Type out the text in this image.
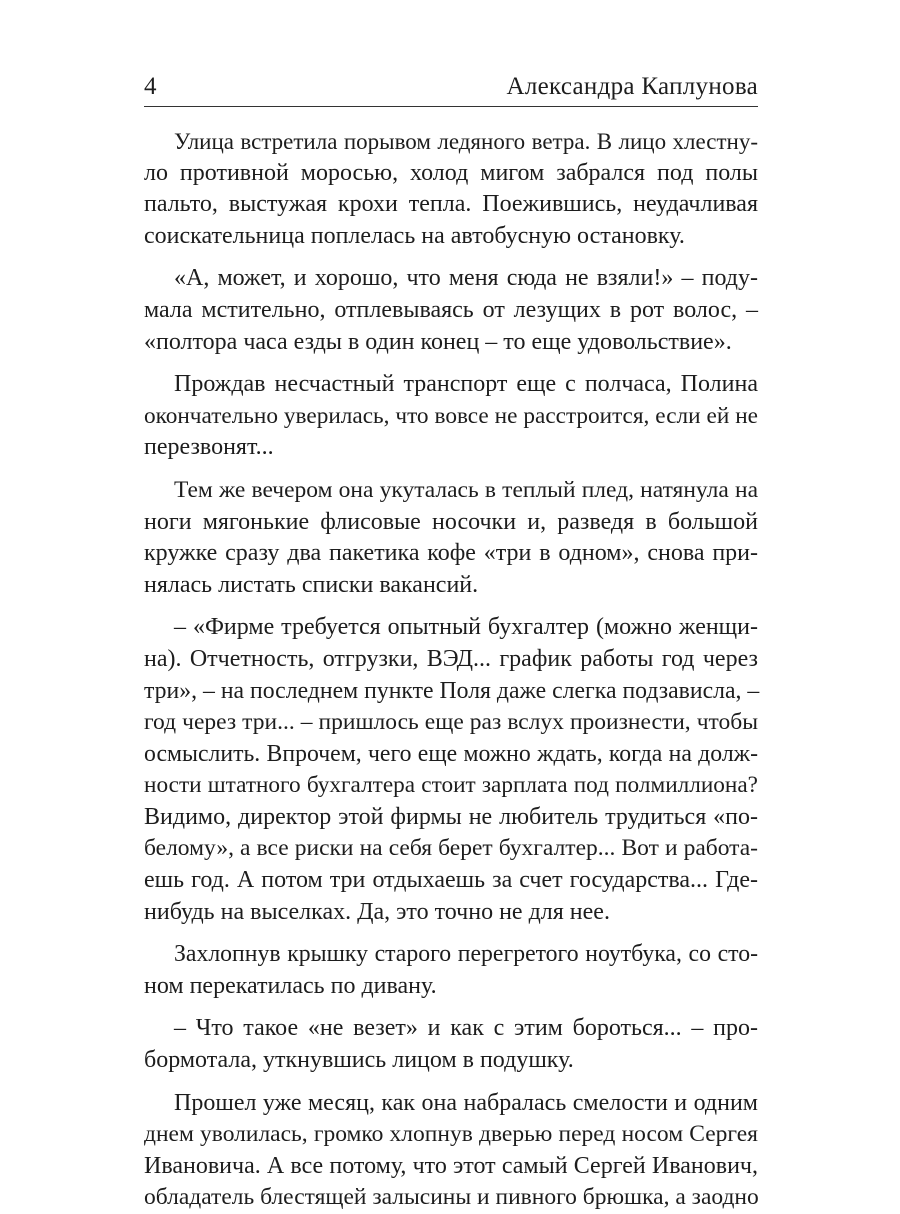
4	Александра Каплунова

Улица встретила порывом ледяного ветра. В лицо хлестну-
ло противной моросью, холод мигом забрался под полы
пальто, выстужая крохи тепла. Поежившись, неудачливая
соискательница поплелась на автобусную остановку.

«А, может, и хорошо, что меня сюда не взяли!» – поду-
мала мстительно, отплевываясь от лезущих в рот волос, –
«полтора часа езды в один конец – то еще удовольствие».

Прождав несчастный транспорт еще с полчаса, Полина
окончательно уверилась, что вовсе не расстроится, если ей не
перезвонят...

Тем же вечером она укуталась в теплый плед, натянула на
ноги мягонькие флисовые носочки и, разведя в большой
кружке сразу два пакетика кофе «три в одном», снова при-
нялась листать списки вакансий.

– «Фирме требуется опытный бухгалтер (можно женщи-
на). Отчетность, отгрузки, ВЭД... график работы год через
три», – на последнем пункте Поля даже слегка подзависла, –
год через три... – пришлось еще раз вслух произнести, чтобы
осмыслить. Впрочем, чего еще можно ждать, когда на долж-
ности штатного бухгалтера стоит зарплата под полмиллиона?
Видимо, директор этой фирмы не любитель трудиться «по-
белому», а все риски на себя берет бухгалтер... Вот и работа-
ешь год. А потом три отдыхаешь за счет государства... Где-
нибудь на выселках. Да, это точно не для нее.

Захлопнув крышку старого перегретого ноутбука, со сто-
ном перекатилась по дивану.

– Что такое «не везет» и как с этим бороться... – про-
бормотала, уткнувшись лицом в подушку.

Прошел уже месяц, как она набралась смелости и одним
днем уволилась, громко хлопнув дверью перед носом Сергея
Ивановича. А все потому, что этот самый Сергей Иванович,
обладатель блестящей залысины и пивного брюшка, а заодно
